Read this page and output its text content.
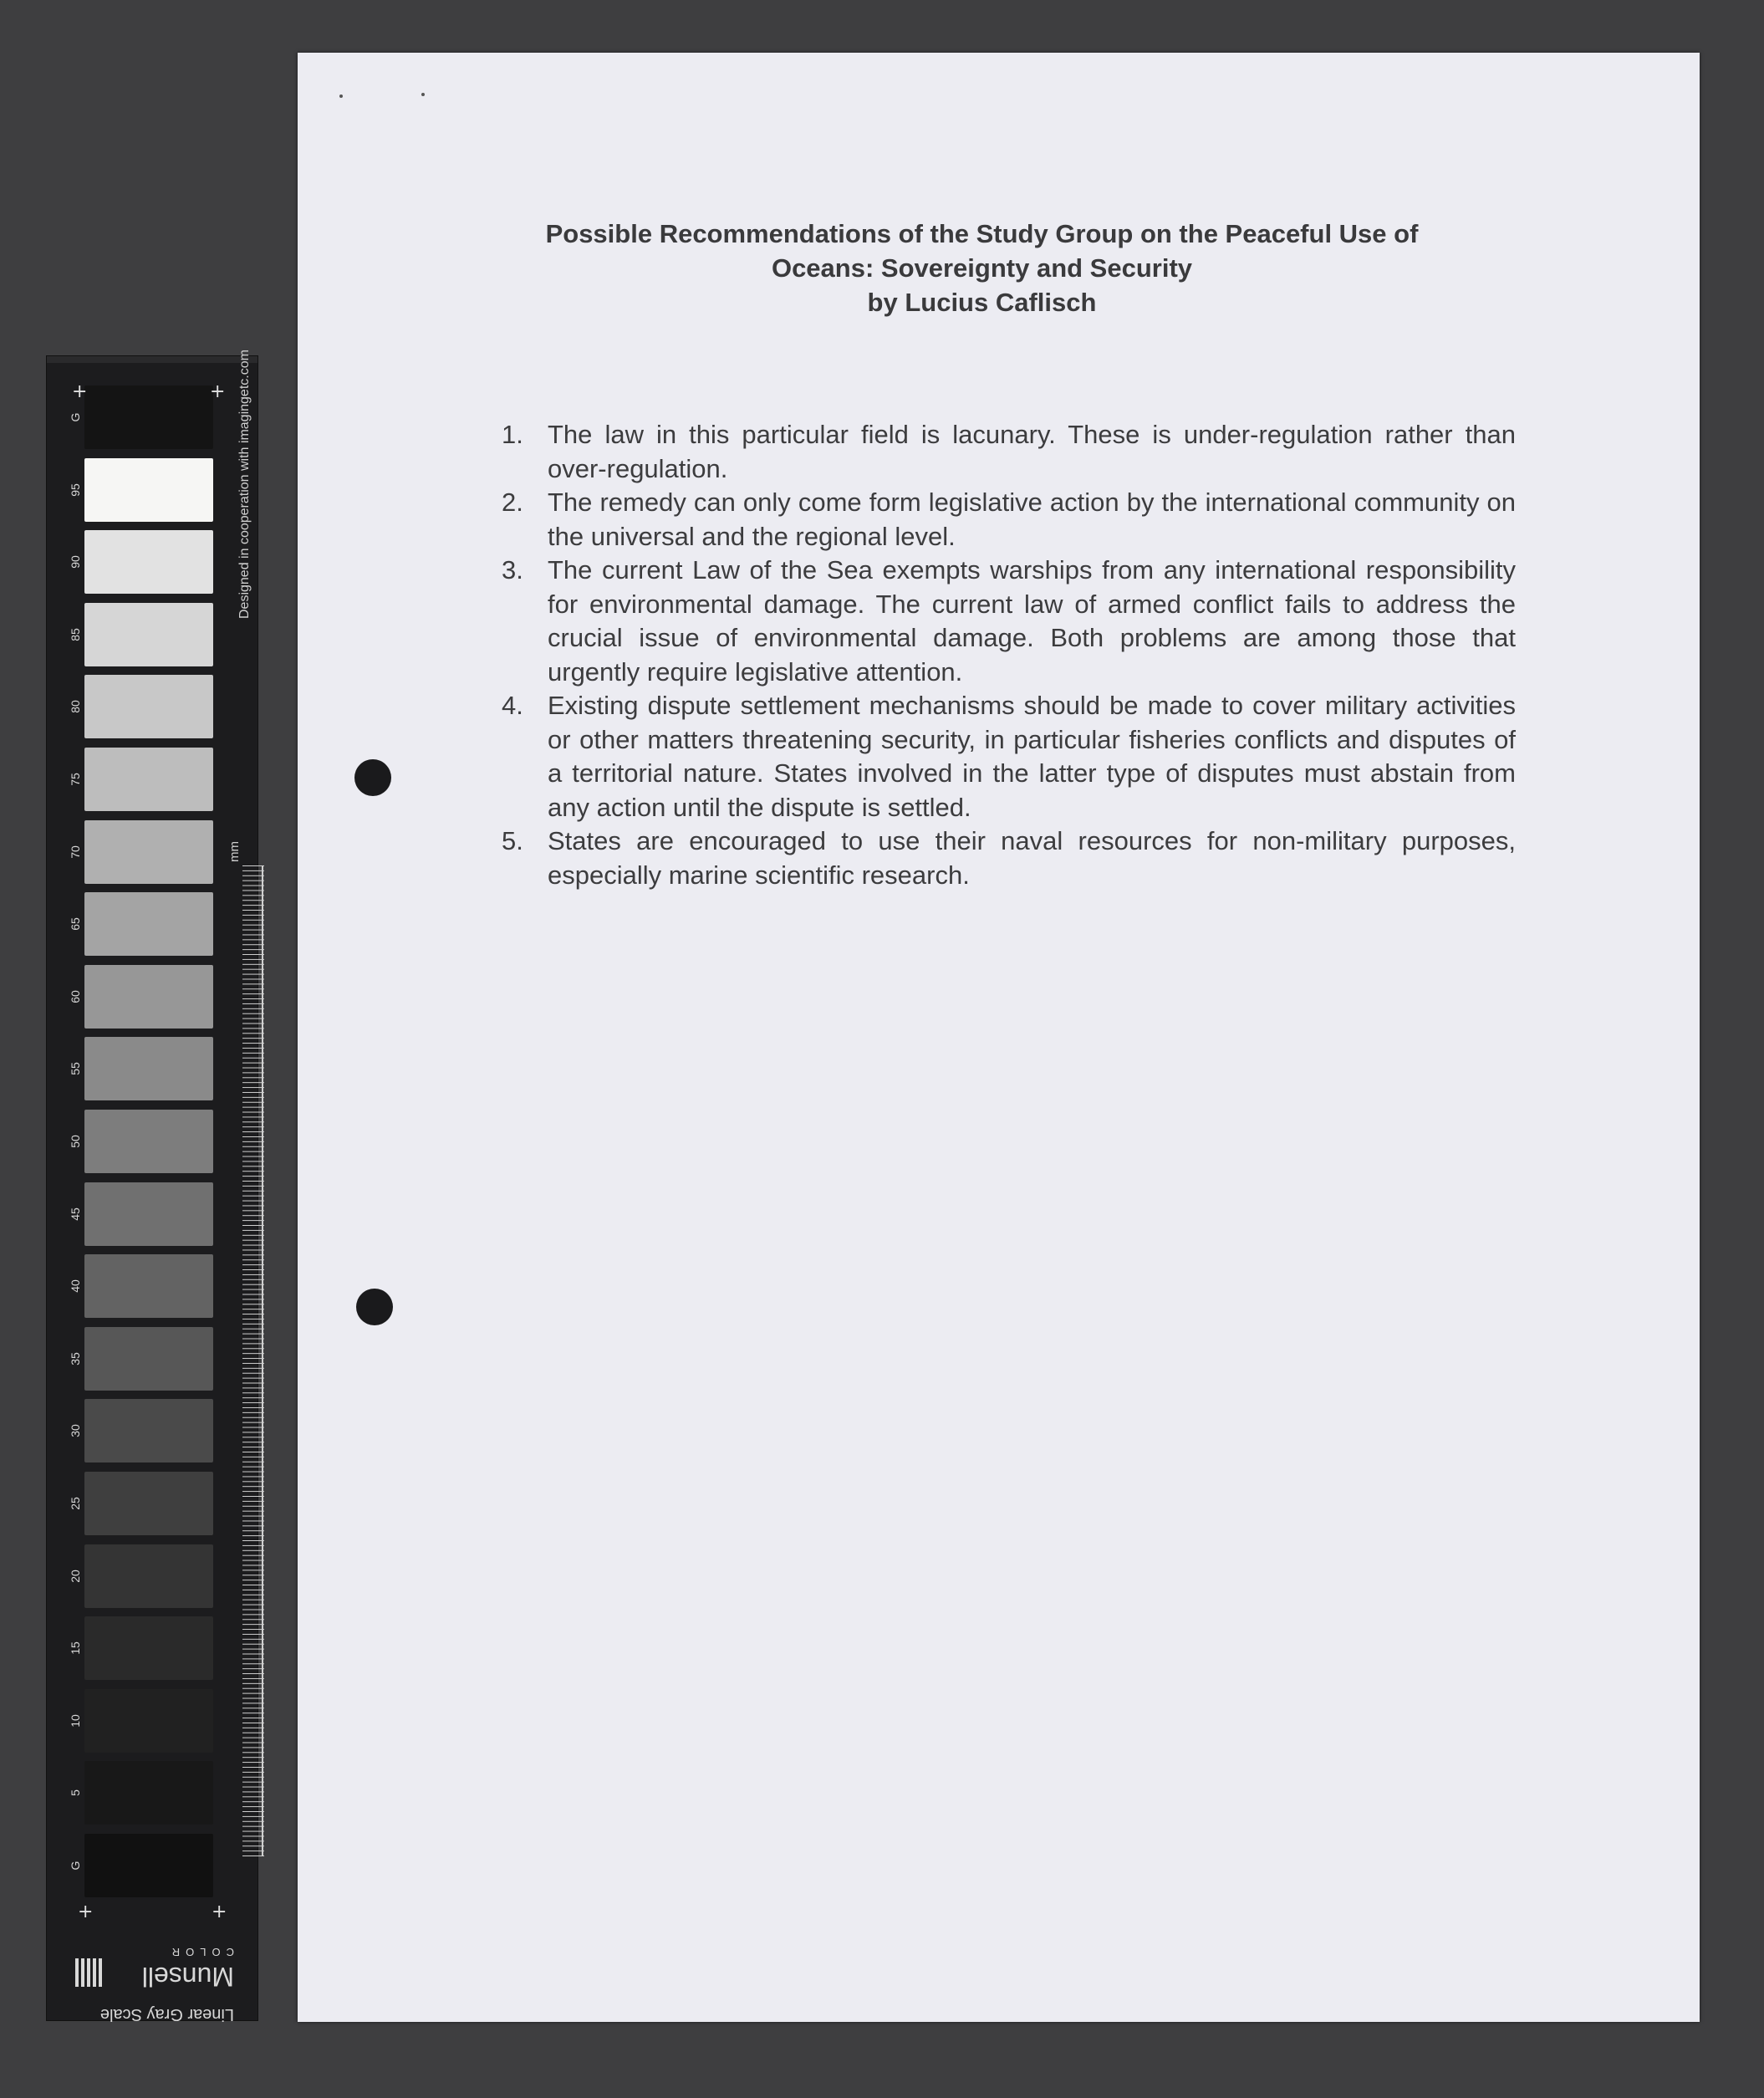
G
95
90
85
80
75
70
65
60
55
50
45
40
35
30
25
20
15
10
5
G
+	+
+	+
Designed in cooperation with imagingetc.com
mm
Linear Gray Scale
Munsell
COLOR
Possible Recommendations of the Study Group on the Peaceful Use of
Oceans: Sovereignty and Security
by Lucius Caflisch
1. The law in this particular field is lacunary. These is under-regulation rather than over-regulation.
2. The remedy can only come form legislative action by the international community on the universal and the regional level.
3. The current Law of the Sea exempts warships from any international responsibility for environmental damage. The current law of armed conflict fails to address the crucial issue of environmental damage. Both problems are among those that urgently require legislative attention.
4. Existing dispute settlement mechanisms should be made to cover military activities or other matters threatening security, in particular fisheries conflicts and disputes of a territorial nature. States involved in the latter type of disputes must abstain from any action until the dispute is settled.
5. States are encouraged to use their naval resources for non-military purposes, especially marine scientific research.
